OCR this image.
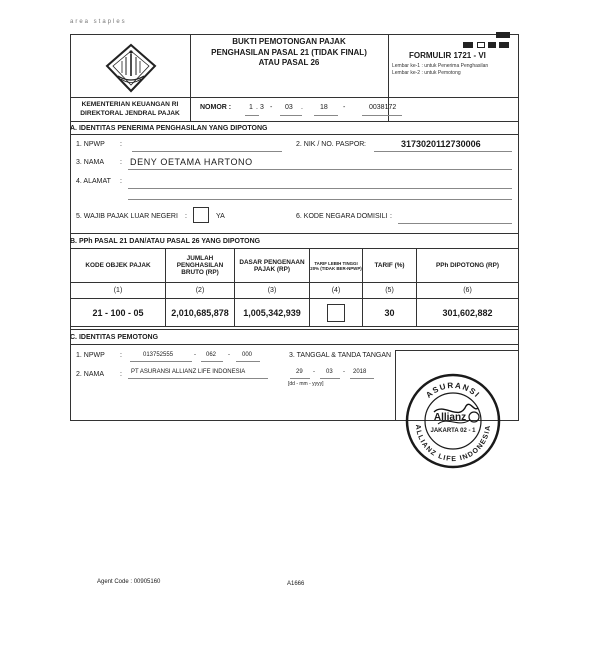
area staples
KEMENTERIAN KEUANGAN RI
DIREKTORAL JENDRAL PAJAK
BUKTI PEMOTONGAN PAJAK
PENGHASILAN PASAL 21 (TIDAK FINAL)
ATAU PASAL 26
FORMULIR 1721 - VI
Lembar ke-1 : untuk Penerima Penghasilan
Lembar ke-2 : untuk Pemotong
NOMOR :	1 . 3 - 03 . 18 -	0038172
A. IDENTITAS PENERIMA PENGHASILAN YANG DIPOTONG
1. NPWP :	2. NIK / NO. PASPOR :	3173020112730006
3. NAMA : DENY OETAMA HARTONO
4. ALAMAT :
5. WAJIB PAJAK LUAR NEGERI :	YA	6. KODE NEGARA DOMISILI :
B. PPh PASAL 21 DAN/ATAU PASAL 26 YANG DIPOTONG
KODE OBJEK PAJAK	JUMLAH PENGHASILAN BRUTO (RP)	DASAR PENGENAAN PAJAK (RP)	TARIF LEBIH TINGGI 20% (TIDAK BER-NPWP)	TARIF (%)	PPh DIPOTONG (RP)
(1)	(2)	(3)	(4)	(5)	(6)
21 - 100 - 05	2,010,685,878	1,005,342,939		30	301,602,882
C. IDENTITAS PEMOTONG
1. NPWP :	013752555	- 062 - 000
2. NAMA : PT ASURANSI ALLIANZ LIFE INDONESIA
3. TANGGAL & TANDA TANGAN
29 - 03 - 2018
[dd - mm - yyyy]
ASURANSI
ALLIANZ LIFE INDONESIA
Allianz
JAKARTA 02 - 1
Agent Code : 00905160	A1666
